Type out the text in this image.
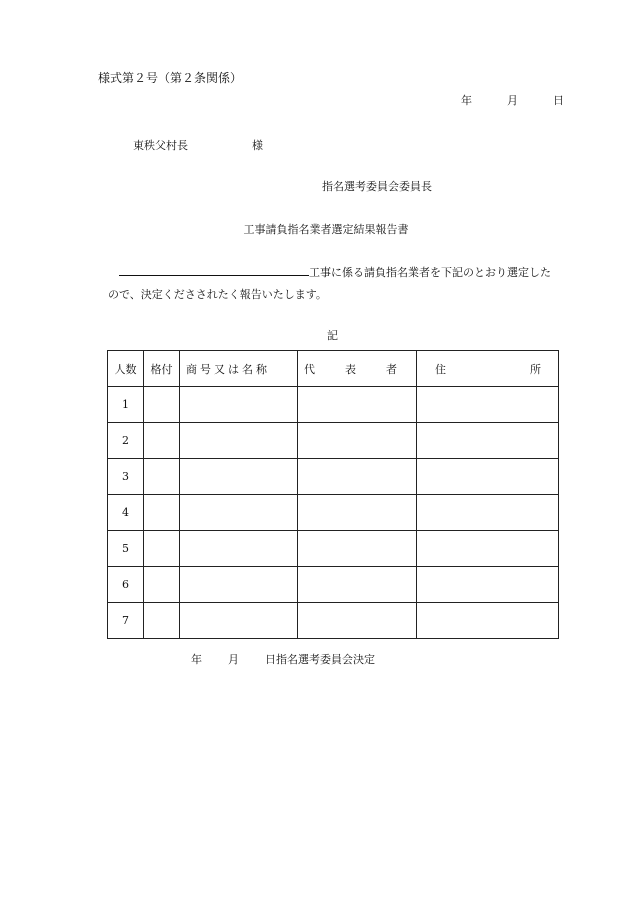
様式第２号（第２条関係）
年	月	日
東秩父村長	様
指名選考委員会委員長
工事請負指名業者選定結果報告書
工事に係る請負指名業者を下記のとおり選定した
ので、決定くださされたく報告いたします。
記
人数	格付	商号又は名称	代 表 者	住 所
1				
2				
3				
4				
5				
6				
7				
年 月 日指名選考委員会決定
